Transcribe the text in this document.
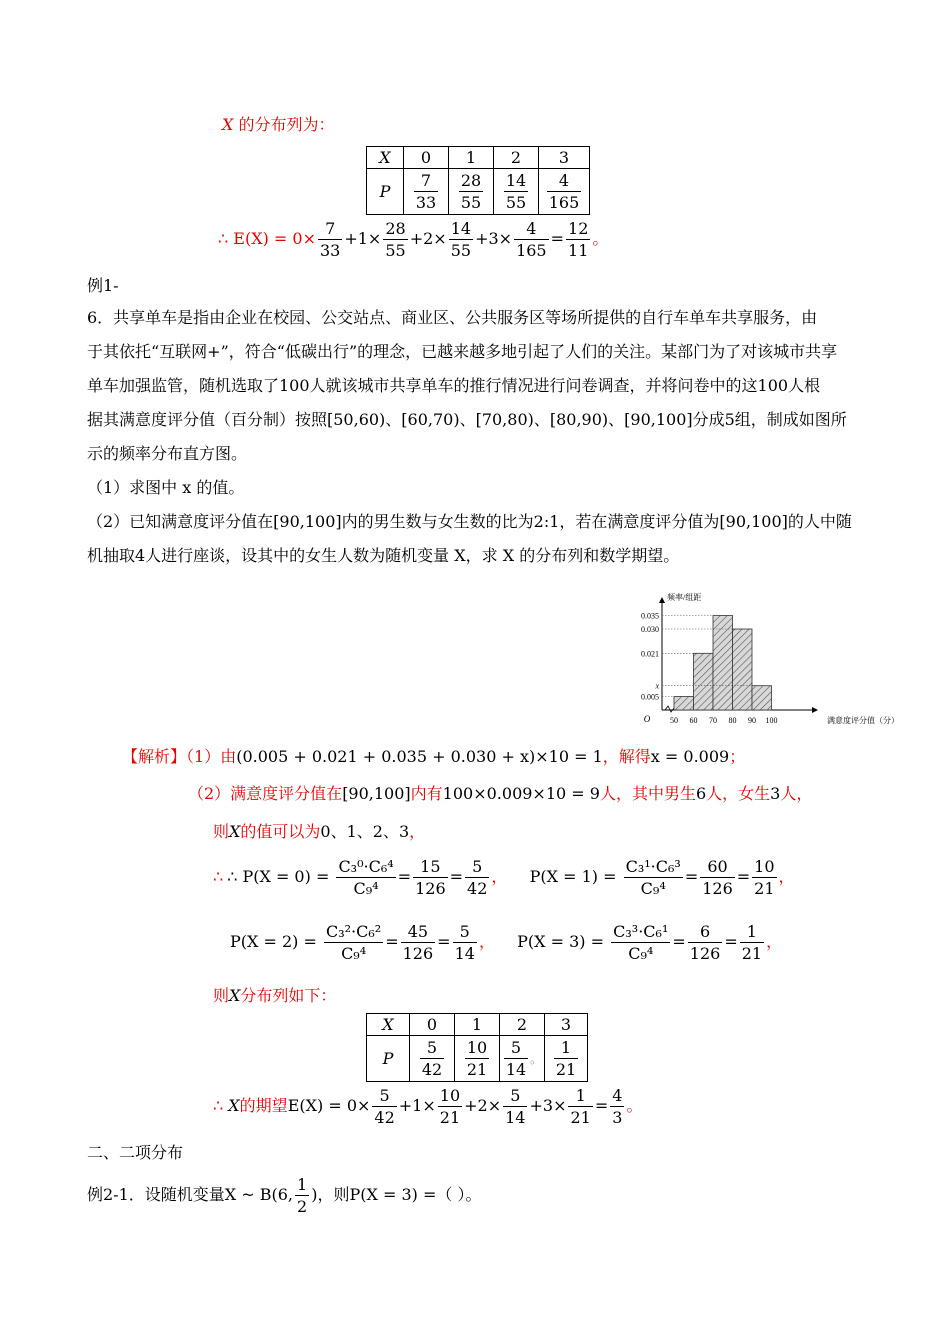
X 的分布列为：
X	0	1	2	3
P	$\frac{7}{33}$	$\frac{28}{55}$	$\frac{14}{55}$	$\frac{4}{165}$
∴ $E(X) = 0\times \frac{7}{33} +1\times \frac{28}{55} +2\times \frac{14}{55} +3\times \frac{4}{165} = \frac{12}{11}$ 。
例1-
6．共享单车是指由企业在校园、公交站点、商业区、公共服务区等场所提供的自行车单车共享服务，由
于其依托“互联网+”，符合“低碳出行”的理念，已越来越多地引起了人们的关注。某部门为了对该城市共享
单车加强监管，随机选取了100人就该城市共享单车的推行情况进行问卷调查，并将问卷中的这100人根
据其满意度评分值（百分制）按照[50,60)、[60,70)、[70,80)、[80,90)、[90,100]分成5组，制成如图所
示的频率分布直方图。
（1）求图中 x 的值。
（2）已知满意度评分值在[90,100]内的男生数与女生数的比为2:1，若在满意度评分值为[90,100]的人中随
机抽取4人进行座谈，设其中的女生人数为随机变量 X，求 X 的分布列和数学期望。
0.005
x
0.021
0.030
0.035
50 60 70 80 90 100
O	满意度评分值（分）
频率/组距
【解析】（1）由(0.005 + 0.021 + 0.035 + 0.030 + x)×10 = 1，解得x = 0.009；
（2）满意度评分值在[90,100]内有100×0.009×10 = 9人，其中男生6人，女生3人，
则X的值可以为0、1、2、3，
∴ ∴ $P(X = 0) = \frac{\text{C₃⁰·C₆⁴}}{\text{C₉⁴}} = \frac{15}{126} = \frac{5}{42}$ ， $P(X = 1) = \frac{\text{C₃¹·C₆³}}{\text{C₉⁴}} = \frac{60}{126} = \frac{10}{21}$ ，
$P(X = 2) = \frac{\text{C₃²·C₆²}}{\text{C₉⁴}} = \frac{45}{126} = \frac{5}{14}$ ， $P(X = 3) = \frac{\text{C₃³·C₆¹}}{\text{C₉⁴}} = \frac{6}{126} = \frac{1}{21}$ ，
则X分布列如下：
X	0	1	2	3
P	$\frac{5}{42}$	$\frac{10}{21}$	$\frac{5}{14}$ 。	$\frac{1}{21}$
∴ X的期望$E(X) = 0\times \frac{5}{42} +1\times \frac{10}{21} +2\times \frac{5}{14} +3\times \frac{1}{21} = \frac{4}{3}$ 。
二、二项分布
例2-1．设随机变量X ~ B(6, $\frac{1}{2}$ )，则P(X = 3) =（ ）。
